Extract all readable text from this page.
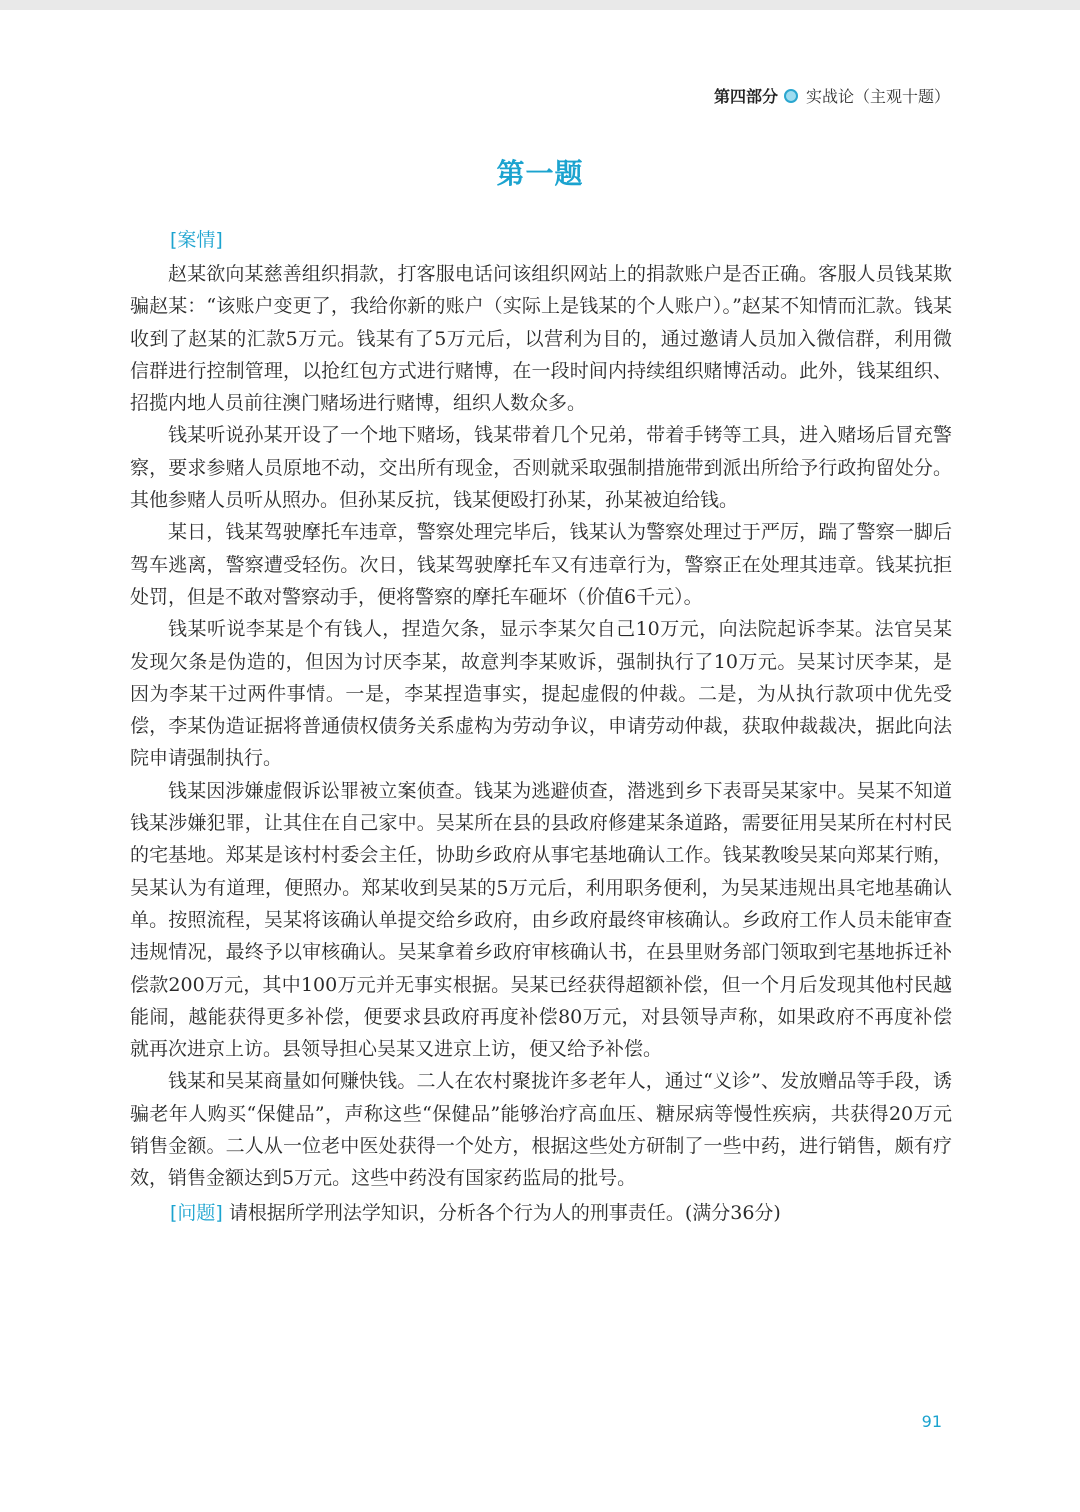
第四部分 实战论（主观十题）
第一题
[案情]

赵某欲向某慈善组织捐款，打客服电话问该组织网站上的捐款账户是否正确。客服人员钱某欺骗赵某：“该账户变更了，我给你新的账户（实际上是钱某的个人账户）。”赵某不知情而汇款。钱某收到了赵某的汇款5万元。钱某有了5万元后，以营利为目的，通过邀请人员加入微信群，利用微信群进行控制管理，以抢红包方式进行赌博，在一段时间内持续组织赌博活动。此外，钱某组织、招揽内地人员前往澳门赌场进行赌博，组织人数众多。

钱某听说孙某开设了一个地下赌场，钱某带着几个兄弟，带着手铐等工具，进入赌场后冒充警察，要求参赌人员原地不动，交出所有现金，否则就采取强制措施带到派出所给予行政拘留处分。其他参赌人员听从照办。但孙某反抗，钱某便殴打孙某，孙某被迫给钱。

某日，钱某驾驶摩托车违章，警察处理完毕后，钱某认为警察处理过于严厉，踹了警察一脚后驾车逃离，警察遭受轻伤。次日，钱某驾驶摩托车又有违章行为，警察正在处理其违章。钱某抗拒处罚，但是不敢对警察动手，便将警察的摩托车砸坏（价值6千元）。

钱某听说李某是个有钱人，捏造欠条，显示李某欠自己10万元，向法院起诉李某。法官吴某发现欠条是伪造的，但因为讨厌李某，故意判李某败诉，强制执行了10万元。吴某讨厌李某，是因为李某干过两件事情。一是，李某捏造事实，提起虚假的仲裁。二是，为从执行款项中优先受偿，李某伪造证据将普通债权债务关系虚构为劳动争议，申请劳动仲裁，获取仲裁裁决，据此向法院申请强制执行。

钱某因涉嫌虚假诉讼罪被立案侦查。钱某为逃避侦查，潜逃到乡下表哥吴某家中。吴某不知道钱某涉嫌犯罪，让其住在自己家中。吴某所在县的县政府修建某条道路，需要征用吴某所在村村民的宅基地。郑某是该村村委会主任，协助乡政府从事宅基地确认工作。钱某教唆吴某向郑某行贿，吴某认为有道理，便照办。郑某收到吴某的5万元后，利用职务便利，为吴某违规出具宅地基确认单。按照流程，吴某将该确认单提交给乡政府，由乡政府最终审核确认。乡政府工作人员未能审查违规情况，最终予以审核确认。吴某拿着乡政府审核确认书，在县里财务部门领取到宅基地拆迁补偿款200万元，其中100万元并无事实根据。吴某已经获得超额补偿，但一个月后发现其他村民越能闹，越能获得更多补偿，便要求县政府再度补偿80万元，对县领导声称，如果政府不再度补偿就再次进京上访。县领导担心吴某又进京上访，便又给予补偿。

钱某和吴某商量如何赚快钱。二人在农村聚拢许多老年人，通过“义诊”、发放赠品等手段，诱骗老年人购买“保健品”，声称这些“保健品”能够治疗高血压、糖尿病等慢性疾病，共获得20万元销售金额。二人从一位老中医处获得一个处方，根据这些处方研制了一些中药，进行销售，颇有疗效，销售金额达到5万元。这些中药没有国家药监局的批号。

[问题] 请根据所学刑法学知识，分析各个行为人的刑事责任。(满分36分)

91
